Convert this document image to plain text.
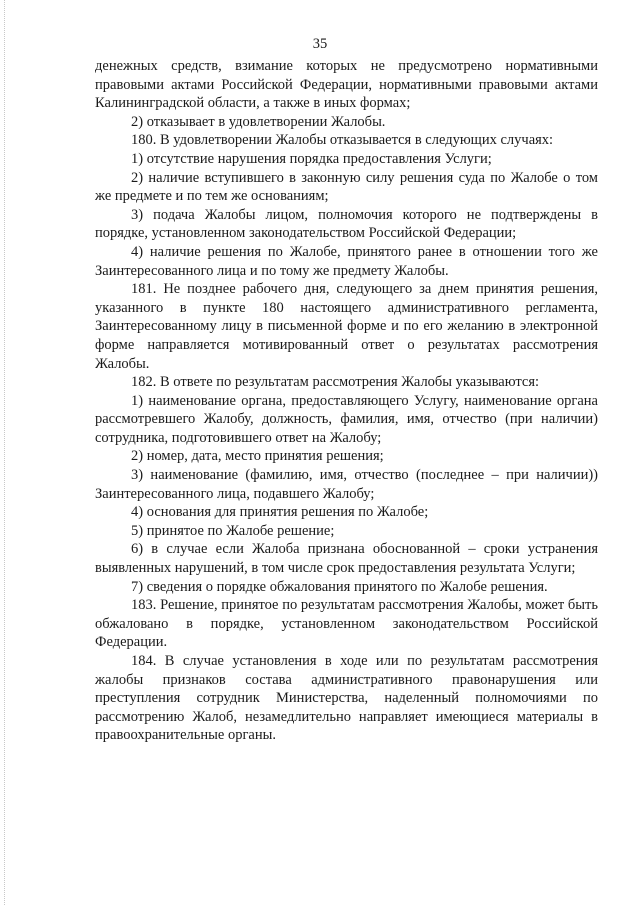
35

денежных средств, взимание которых не предусмотрено нормативными правовыми актами Российской Федерации, нормативными правовыми актами Калининградской области, а также в иных формах;

2) отказывает в удовлетворении Жалобы.

180. В удовлетворении Жалобы отказывается в следующих случаях:

1) отсутствие нарушения порядка предоставления Услуги;

2) наличие вступившего в законную силу решения суда по Жалобе о том же предмете и по тем же основаниям;

3) подача Жалобы лицом, полномочия которого не подтверждены в порядке, установленном законодательством Российской Федерации;

4) наличие решения по Жалобе, принятого ранее в отношении того же Заинтересованного лица и по тому же предмету Жалобы.

181. Не позднее рабочего дня, следующего за днем принятия решения, указанного в пункте 180 настоящего административного регламента, Заинтересованному лицу в письменной форме и по его желанию в электронной форме направляется мотивированный ответ о результатах рассмотрения Жалобы.

182. В ответе по результатам рассмотрения Жалобы указываются:

1) наименование органа, предоставляющего Услугу, наименование органа рассмотревшего Жалобу, должность, фамилия, имя, отчество (при наличии) сотрудника, подготовившего ответ на Жалобу;

2) номер, дата, место принятия решения;

3) наименование (фамилию, имя, отчество (последнее – при наличии)) Заинтересованного лица, подавшего Жалобу;

4) основания для принятия решения по Жалобе;

5) принятое по Жалобе решение;

6) в случае если Жалоба признана обоснованной – сроки устранения выявленных нарушений, в том числе срок предоставления результата Услуги;

7) сведения о порядке обжалования принятого по Жалобе решения.

183. Решение, принятое по результатам рассмотрения Жалобы, может быть обжаловано в порядке, установленном законодательством Российской Федерации.

184. В случае установления в ходе или по результатам рассмотрения жалобы признаков состава административного правонарушения или преступления сотрудник Министерства, наделенный полномочиями по рассмотрению Жалоб, незамедлительно направляет имеющиеся материалы в правоохранительные органы.
